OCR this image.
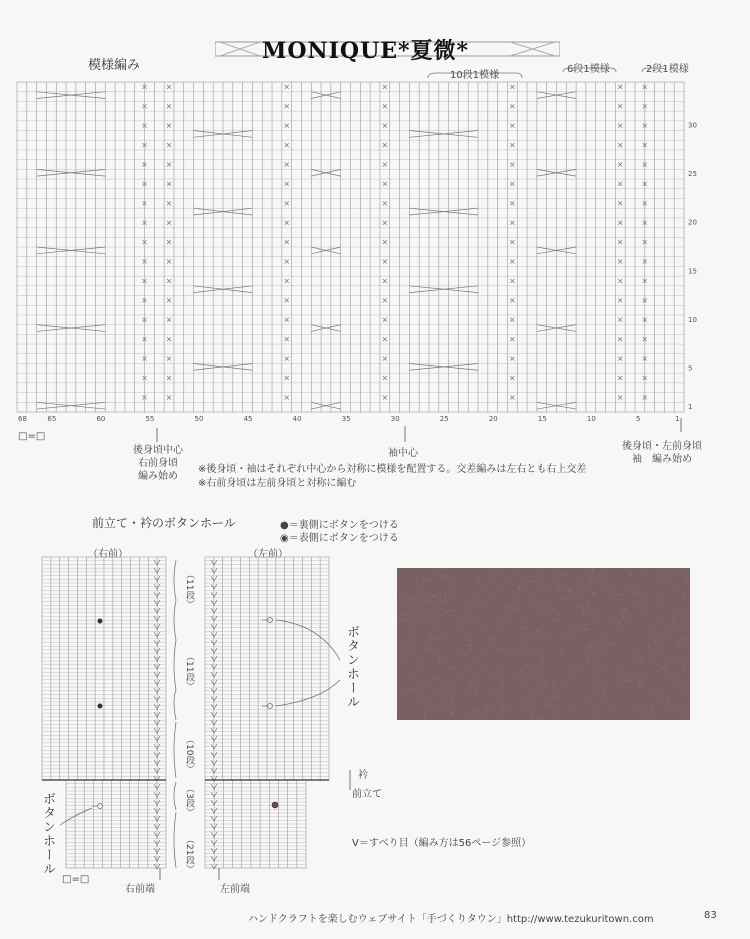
MONIQUE*夏微*
模様編み
10段1模様
6段1模様	2段1模様
68	65	60	55	50	45	40	35	30	25	20	15	10	5	1
30
25
20
15
10
5
1
□=□
後身頃中心
右前身頃
編み始め
袖中心
後身頃・左前身頃
袖　編み始め
※後身頃・袖はそれぞれ中心から対称に模様を配置する。交差編みは左右とも右上交差
※右前身頃は左前身頃と対称に編む
前立て・衿のボタンホール	●＝裏側にボタンをつける
◉＝表側にボタンをつける
（右前）	（左前）
（11段）
（11段）
（10段）
（3段）
（21段）
ボタンホール
ボタンホール
衿
前立て
□=□
右前端	左前端
V＝すべり目（編み方は56ページ参照）
ハンドクラフトを楽しむウェブサイト「手づくりタウン」http://www.tezukuritown.com	83
